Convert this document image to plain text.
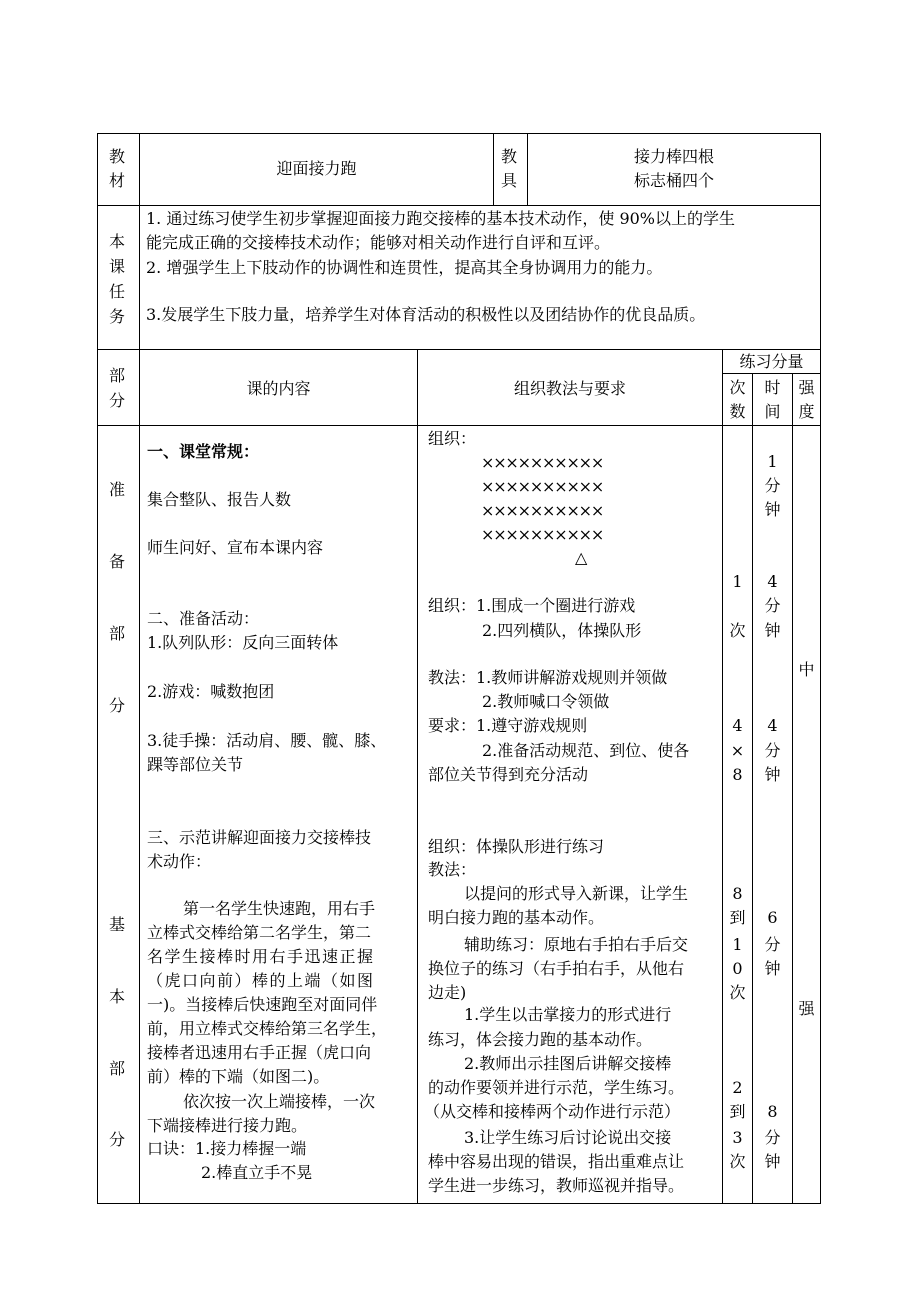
教
材
迎面接力跑
教
具
接力棒四根
标志桶四个
本
课
任
务
1. 通过练习使学生初步掌握迎面接力跑交接棒的基本技术动作，使 90%以上的学生
能完成正确的交接棒技术动作；能够对相关动作进行自评和互评。
2. 增强学生上下肢动作的协调性和连贯性，提高其全身协调用力的能力。
3.发展学生下肢力量，培养学生对体育活动的积极性以及团结协作的优良品质。
部
分
课的内容	组织教法与要求
练习分量
次
数
时
间
强
度
准
备
部
分
一、课堂常规：
集合整队、报告人数
师生问好、宣布本课内容
二、准备活动：
1.队列队形：反向三面转体
2.游戏：喊数抱团
3.徒手操：活动肩、腰、髋、膝、
踝等部位关节
组织：
××××××××××
××××××××××
××××××××××
××××××××××
△
组织：1.围成一个圈进行游戏
2.四列横队，体操队形
教法：1.教师讲解游戏规则并领做
2.教师喊口令领做
要求：1.遵守游戏规则
2.准备活动规范、到位、使各
部位关节得到充分活动
1
次
4
×
8
1
分
钟
4
分
钟
4
分
钟
中
基
本
部
分
三、示范讲解迎面接力交接棒技
术动作：
第一名学生快速跑，用右手
立棒式交棒给第二名学生，第二
名学生接棒时用右手迅速正握
（虎口向前）棒的上端（如图
一)。当接棒后快速跑至对面同伴
前，用立棒式交棒给第三名学生，
接棒者迅速用右手正握（虎口向
前）棒的下端（如图二)。
依次按一次上端接棒，一次
下端接棒进行接力跑。
口诀：1.接力棒握一端
2.棒直立手不晃
组织：体操队形进行练习
教法：
以提问的形式导入新课，让学生
明白接力跑的基本动作。
辅助练习：原地右手拍右手后交
换位子的练习（右手拍右手，从他右
边走)
1.学生以击掌接力的形式进行
练习，体会接力跑的基本动作。
2.教师出示挂图后讲解交接棒
的动作要领并进行示范，学生练习。
（从交棒和接棒两个动作进行示范）
3.让学生练习后讨论说出交接
棒中容易出现的错误，指出重难点让
学生进一步练习，教师巡视并指导。
8
到
1
0
次
2
到
3
次
6
分
钟
8
分
钟
强
